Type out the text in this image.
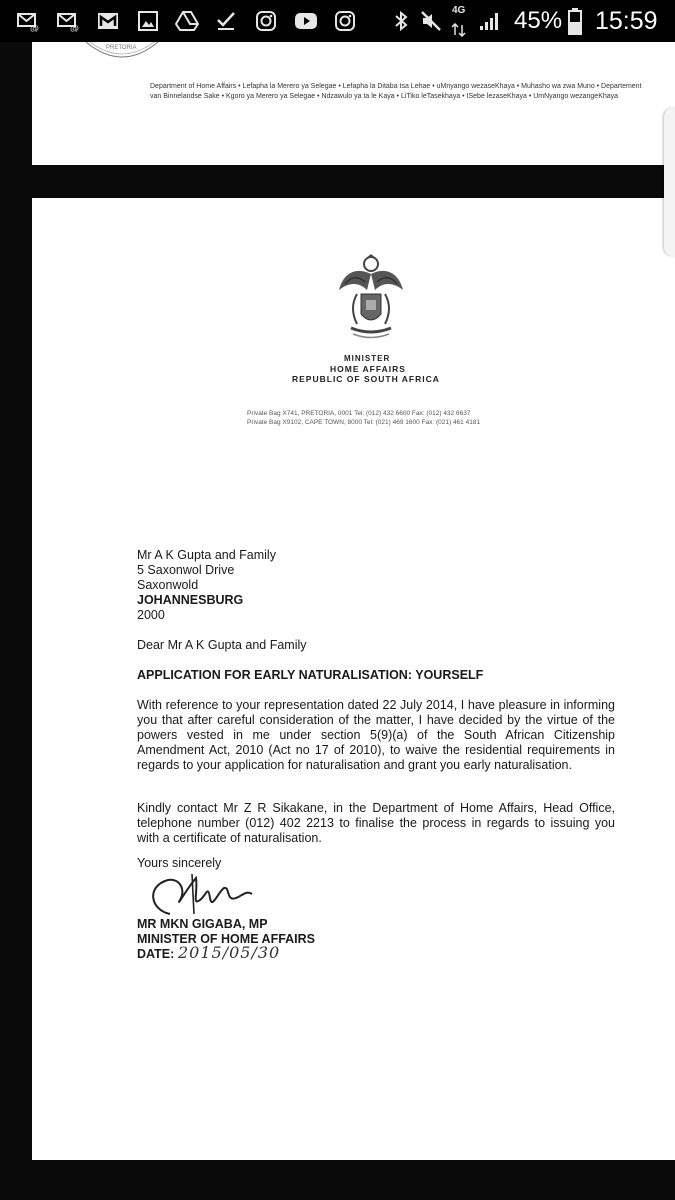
@	@
4G 45% 15:59
PRETORIA
Department of Home Affairs • Lefapha la Merero ya Selegae • Lefapha la Ditaba tsa Lehae • uMnyango wezaseKhaya • Muhasho wa zwa Muno • Departement
van Binnelandse Sake • Kgoro ya Merero ya Selegae • Ndzawulo ya ta le Kaya • LiTiko leTasekhaya • ISebe lezaseKhaya • UmNyango wezangeKhaya
MINISTER
HOME AFFAIRS
REPUBLIC OF SOUTH AFRICA
Private Bag X741, PRETORIA, 0001 Tel: (012) 432 6600 Fax: (012) 432 6637
Private Bag X9102, CAPE TOWN, 8000 Tel: (021) 469 1600 Fax: (021) 461 4181
Mr A K Gupta and Family
5 Saxonwol Drive
Saxonwold
JOHANNESBURG
2000
Dear Mr A K Gupta and Family
APPLICATION FOR EARLY NATURALISATION: YOURSELF
With reference to your representation dated 22 July 2014, I have pleasure in informing you that after careful consideration of the matter, I have decided by the virtue of the powers vested in me under section 5(9)(a) of the South African Citizenship Amendment Act, 2010 (Act no 17 of 2010), to waive the residential requirements in regards to your application for naturalisation and grant you early naturalisation.
Kindly contact Mr Z R Sikakane, in the Department of Home Affairs, Head Office, telephone number (012) 402 2213 to finalise the process in regards to issuing you with a certificate of naturalisation.
Yours sincerely
MR MKN GIGABA, MP
MINISTER OF HOME AFFAIRS
DATE: 2015/05/30
